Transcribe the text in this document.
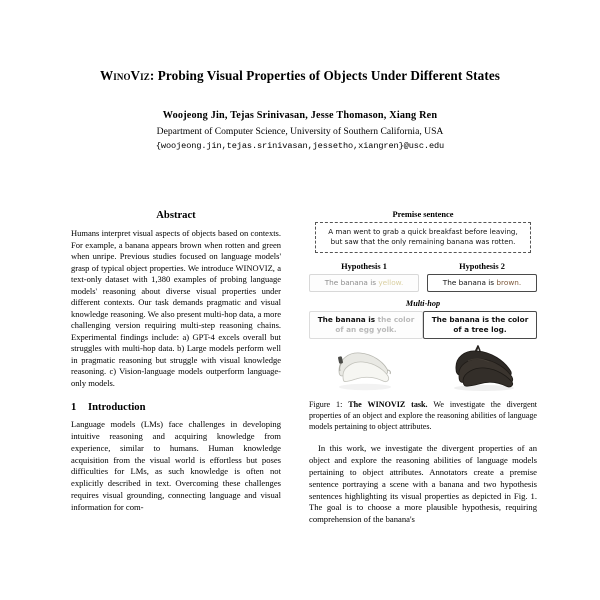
WinoViz: Probing Visual Properties of Objects Under Different States
Woojeong Jin, Tejas Srinivasan, Jesse Thomason, Xiang Ren
Department of Computer Science, University of Southern California, USA
{woojeong.jin,tejas.srinivasan,jessetho,xiangren}@usc.edu
Abstract

Humans interpret visual aspects of objects based on contexts. For example, a banana appears brown when rotten and green when unripe. Previous studies focused on language models' grasp of typical object properties. We introduce WINOVIZ, a text-only dataset with 1,380 examples of probing language models' reasoning about diverse visual properties under different contexts. Our task demands pragmatic and visual knowledge reasoning. We also present multi-hop data, a more challenging version requiring multi-step reasoning chains. Experimental findings include: a) GPT-4 excels overall but struggles with multi-hop data. b) Large models perform well in pragmatic reasoning but struggle with visual knowledge reasoning. c) Vision-language models outperform language-only models.

1 Introduction

Language models (LMs) face challenges in developing intuitive reasoning and acquiring knowledge from experience, similar to humans. Human knowledge acquisition from the visual world is effortless but poses difficulties for LMs, as such knowledge is often not explicitly described in text. Overcoming these challenges requires visual grounding, connecting language and visual information for com-

Premise sentence
A man went to grab a quick breakfast before leaving, but saw that the only remaining banana was rotten.
Hypothesis 1
The banana is yellow.
Hypothesis 2
The banana is brown.
Multi-hop
The banana is the color of an egg yolk.
The banana is the color of a tree log.
Figure 1: The WINOVIZ task. We investigate the divergent properties of an object and explore the reasoning abilities of language models pertaining to object attributes.

In this work, we investigate the divergent properties of an object and explore the reasoning abilities of language models pertaining to object attributes. Annotators create a premise sentence portraying a scene with a banana and two hypothesis sentences highlighting its visual properties as depicted in Fig. 1. The goal is to choose a more plausible hypothesis, requiring comprehension of the banana's
